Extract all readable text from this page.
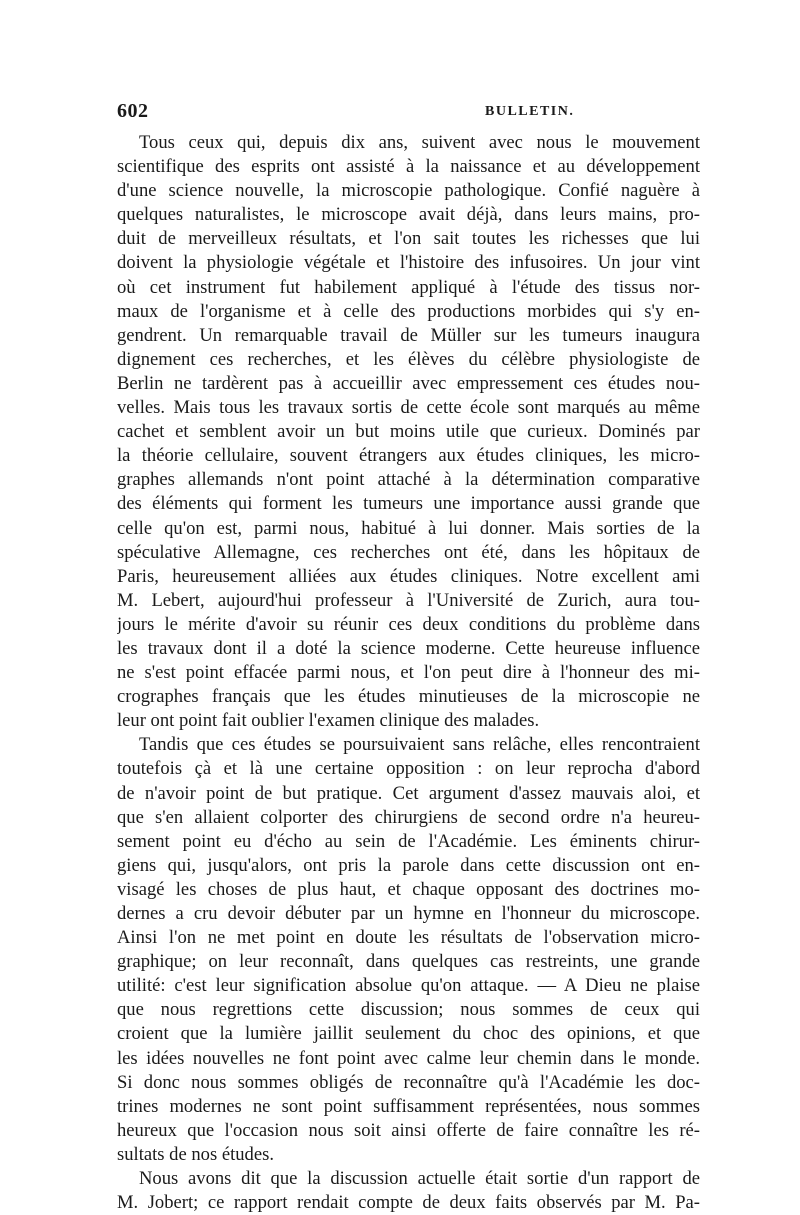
602	BULLETIN.
Tous ceux qui, depuis dix ans, suivent avec nous le mouvement
scientifique des esprits ont assisté à la naissance et au développement
d'une science nouvelle, la microscopie pathologique. Confié naguère à
quelques naturalistes, le microscope avait déjà, dans leurs mains, pro-
duit de merveilleux résultats, et l'on sait toutes les richesses que lui
doivent la physiologie végétale et l'histoire des infusoires. Un jour vint
où cet instrument fut habilement appliqué à l'étude des tissus nor-
maux de l'organisme et à celle des productions morbides qui s'y en-
gendrent. Un remarquable travail de Müller sur les tumeurs inaugura
dignement ces recherches, et les élèves du célèbre physiologiste de
Berlin ne tardèrent pas à accueillir avec empressement ces études nou-
velles. Mais tous les travaux sortis de cette école sont marqués au même
cachet et semblent avoir un but moins utile que curieux. Dominés par
la théorie cellulaire, souvent étrangers aux études cliniques, les micro-
graphes allemands n'ont point attaché à la détermination comparative
des éléments qui forment les tumeurs une importance aussi grande que
celle qu'on est, parmi nous, habitué à lui donner. Mais sorties de la
spéculative Allemagne, ces recherches ont été, dans les hôpitaux de
Paris, heureusement alliées aux études cliniques. Notre excellent ami
M. Lebert, aujourd'hui professeur à l'Université de Zurich, aura tou-
jours le mérite d'avoir su réunir ces deux conditions du problème dans
les travaux dont il a doté la science moderne. Cette heureuse influence
ne s'est point effacée parmi nous, et l'on peut dire à l'honneur des mi-
crographes français que les études minutieuses de la microscopie ne
leur ont point fait oublier l'examen clinique des malades.
Tandis que ces études se poursuivaient sans relâche, elles rencontraient
toutefois çà et là une certaine opposition : on leur reprocha d'abord
de n'avoir point de but pratique. Cet argument d'assez mauvais aloi, et
que s'en allaient colporter des chirurgiens de second ordre n'a heureu-
sement point eu d'écho au sein de l'Académie. Les éminents chirur-
giens qui, jusqu'alors, ont pris la parole dans cette discussion ont en-
visagé les choses de plus haut, et chaque opposant des doctrines mo-
dernes a cru devoir débuter par un hymne en l'honneur du microscope.
Ainsi l'on ne met point en doute les résultats de l'observation micro-
graphique; on leur reconnaît, dans quelques cas restreints, une grande
utilité: c'est leur signification absolue qu'on attaque. — A Dieu ne plaise
que nous regrettions cette discussion; nous sommes de ceux qui
croient que la lumière jaillit seulement du choc des opinions, et que
les idées nouvelles ne font point avec calme leur chemin dans le monde.
Si donc nous sommes obligés de reconnaître qu'à l'Académie les doc-
trines modernes ne sont point suffisamment représentées, nous sommes
heureux que l'occasion nous soit ainsi offerte de faire connaître les ré-
sultats de nos études.
Nous avons dit que la discussion actuelle était sortie d'un rapport de
M. Jobert; ce rapport rendait compte de deux faits observés par M. Pa-
